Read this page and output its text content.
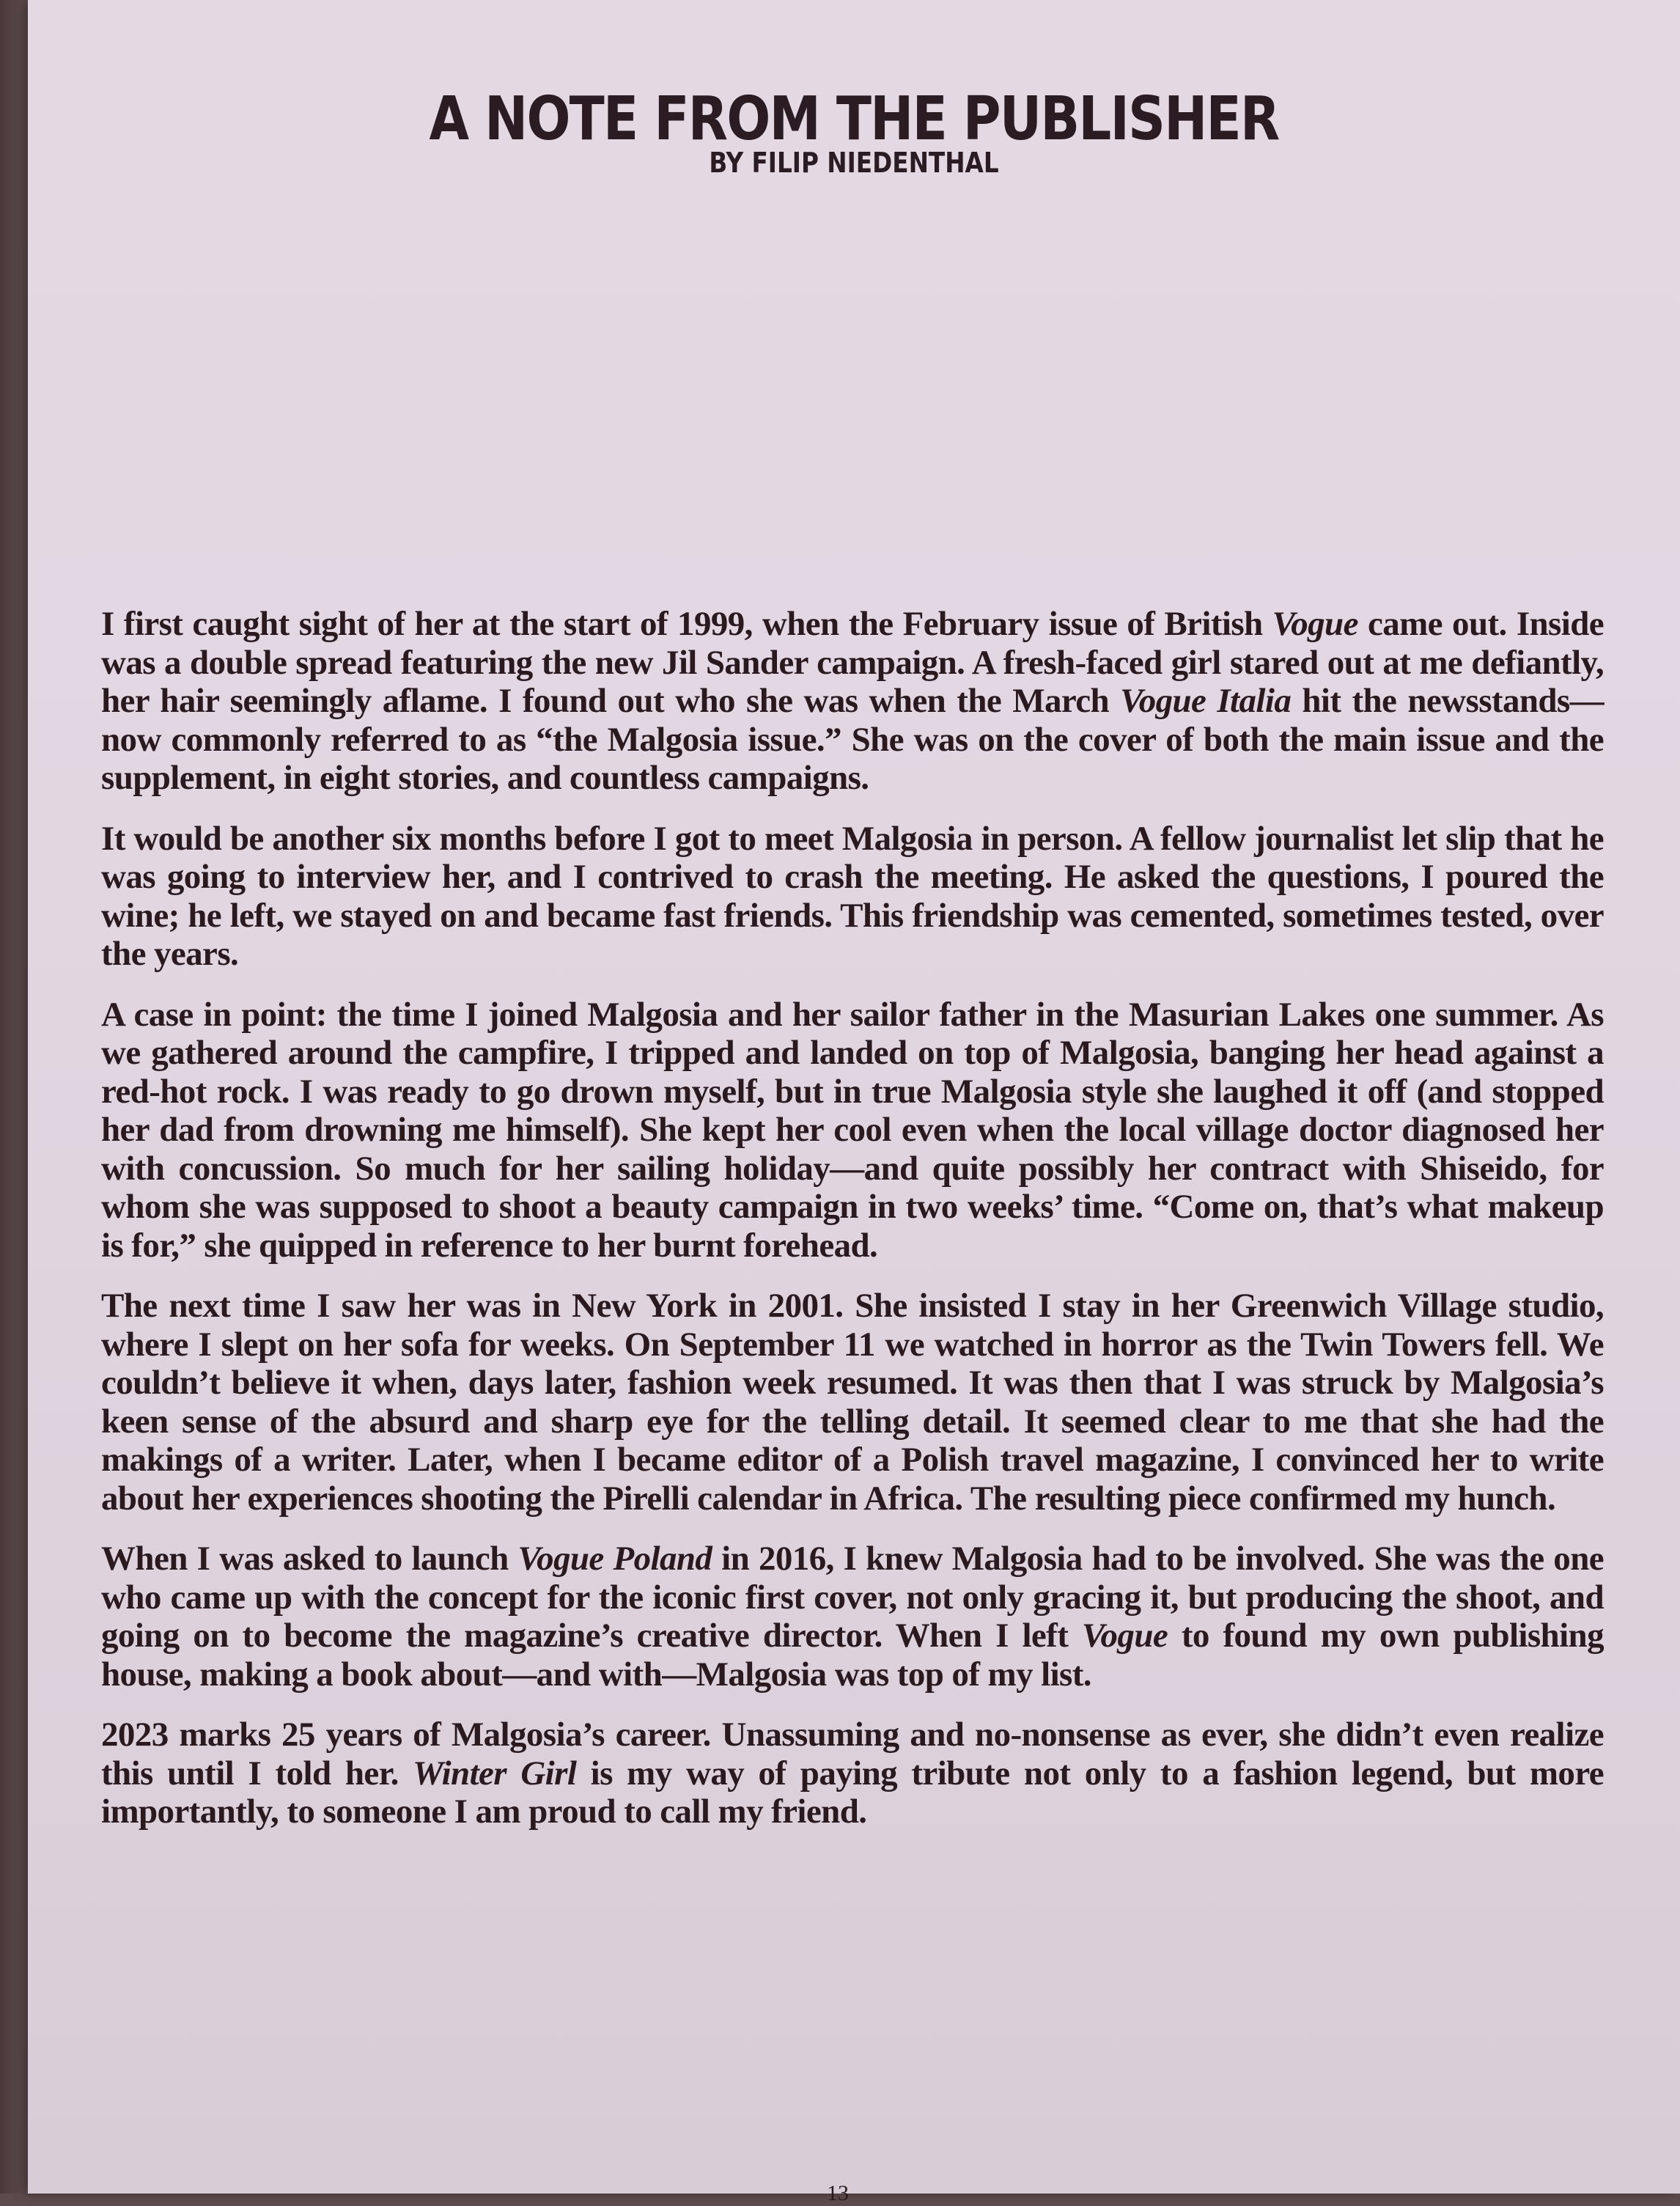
A NOTE FROM THE PUBLISHER
BY FILIP NIEDENTHAL

I first caught sight of her at the start of 1999, when the February issue of British Vogue came out. Inside was a double spread featuring the new Jil Sander campaign. A fresh-faced girl stared out at me defiantly, her hair seemingly aflame. I found out who she was when the March Vogue Italia hit the newsstands—now commonly referred to as “the Malgosia issue.” She was on the cover of both the main issue and the supplement, in eight stories, and countless campaigns.

It would be another six months before I got to meet Malgosia in person. A fellow journalist let slip that he was going to interview her, and I contrived to crash the meeting. He asked the questions, I poured the wine; he left, we stayed on and became fast friends. This friendship was cemented, sometimes tested, over the years.

A case in point: the time I joined Malgosia and her sailor father in the Masurian Lakes one summer. As we gathered around the campfire, I tripped and landed on top of Malgosia, banging her head against a red-hot rock. I was ready to go drown myself, but in true Malgosia style she laughed it off (and stopped her dad from drowning me himself). She kept her cool even when the local village doctor diagnosed her with concussion. So much for her sailing holiday—and quite possibly her contract with Shiseido, for whom she was supposed to shoot a beauty campaign in two weeks’ time. “Come on, that’s what makeup is for,” she quipped in reference to her burnt forehead.

The next time I saw her was in New York in 2001. She insisted I stay in her Greenwich Village studio, where I slept on her sofa for weeks. On September 11 we watched in horror as the Twin Towers fell. We couldn’t believe it when, days later, fashion week resumed. It was then that I was struck by Malgosia’s keen sense of the absurd and sharp eye for the telling detail. It seemed clear to me that she had the makings of a writer. Later, when I became editor of a Polish travel magazine, I convinced her to write about her experiences shooting the Pirelli calendar in Africa. The resulting piece confirmed my hunch.

When I was asked to launch Vogue Poland in 2016, I knew Malgosia had to be involved. She was the one who came up with the concept for the iconic first cover, not only gracing it, but producing the shoot, and going on to become the magazine’s creative director. When I left Vogue to found my own publishing house, making a book about—and with—Malgosia was top of my list.

2023 marks 25 years of Malgosia’s career. Unassuming and no-nonsense as ever, she didn’t even realize this until I told her. Winter Girl is my way of paying tribute not only to a fashion legend, but more importantly, to someone I am proud to call my friend.

13
